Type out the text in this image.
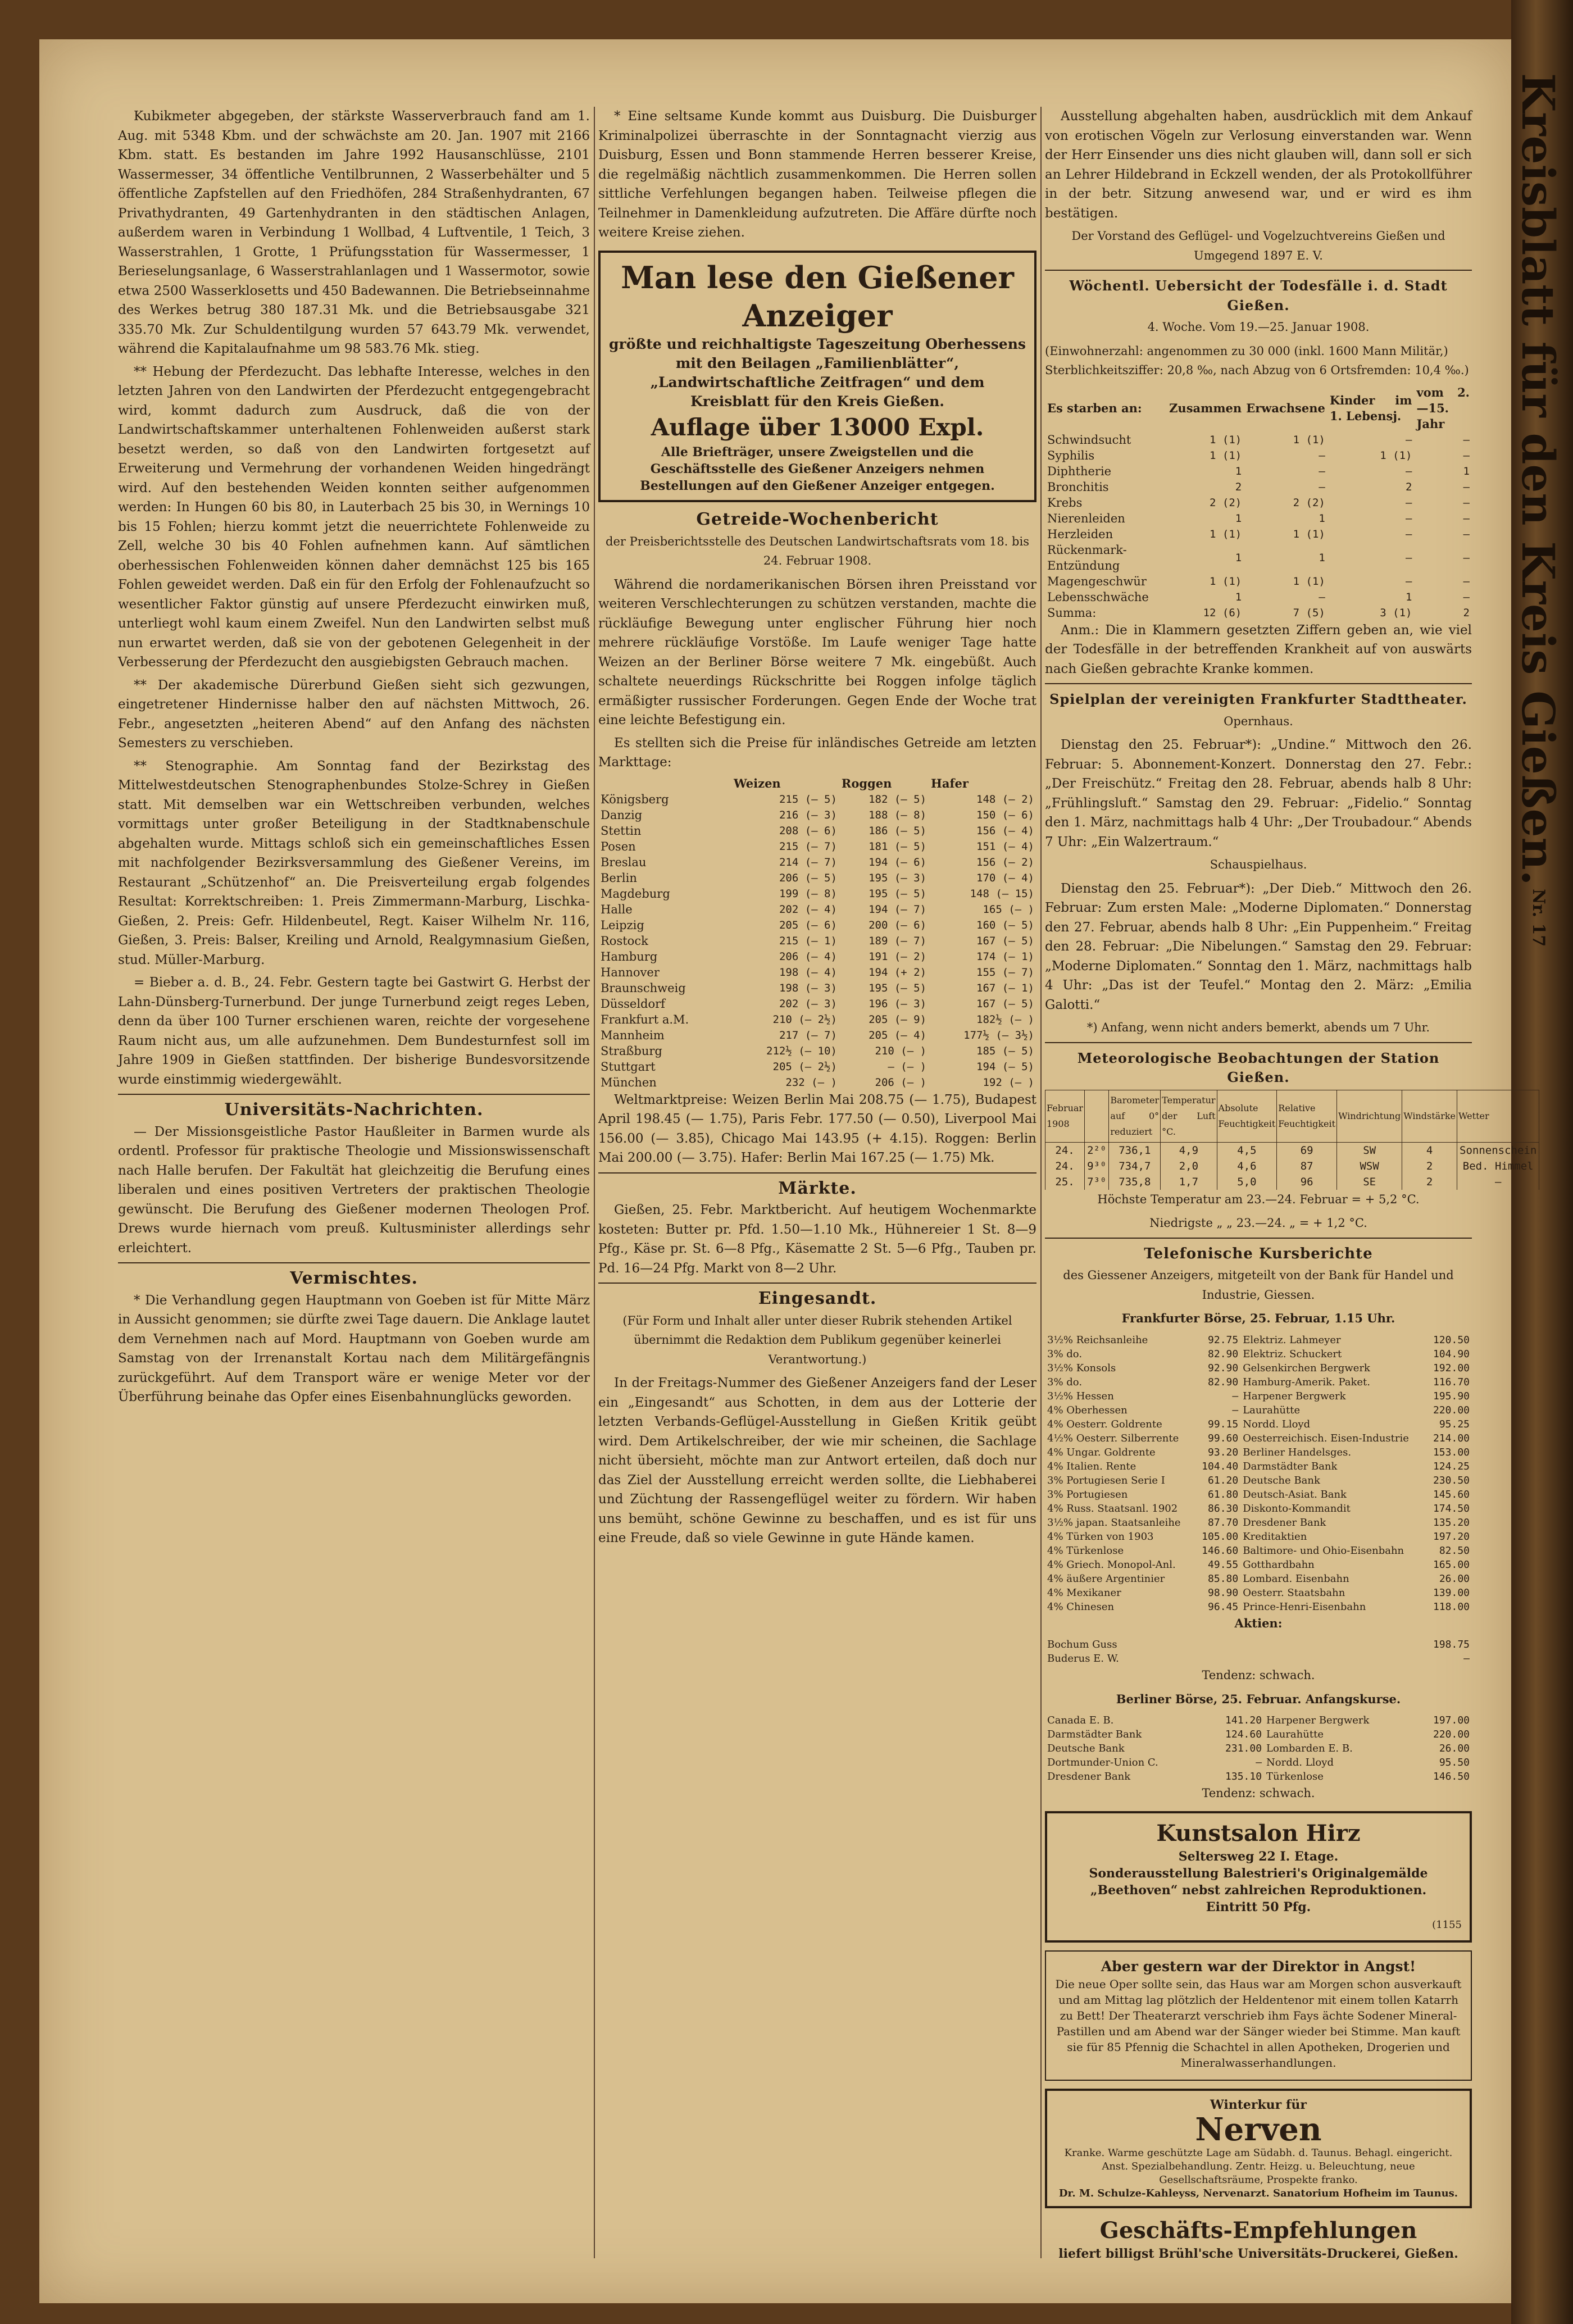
Kreisblatt für den Kreis Gießen. Nr. 17

Kubikmeter abgegeben, der stärkste Wasserverbrauch fand am 1. Aug. mit 5348 Kbm. und der schwächste am 20. Jan. 1907 mit 2166 Kbm. statt. Es bestanden im Jahre 1992 Hausanschlüsse, 2101 Wassermesser, 34 öffentliche Ventilbrunnen, 2 Wasserbehälter und 5 öffentliche Zapfstellen auf den Friedhöfen, 284 Straßenhydranten, 67 Privathydranten, 49 Gartenhydranten in den städtischen Anlagen, außerdem waren in Verbindung 1 Wollbad, 4 Luftventile, 1 Teich, 3 Wasserstrahlen, 1 Grotte, 1 Prüfungsstation für Wassermesser, 1 Berieselungsanlage, 6 Wasserstrahlanlagen und 1 Wassermotor, sowie etwa 2500 Wasserklosetts und 450 Badewannen. Die Betriebseinnahme des Werkes betrug 380 187.31 Mk. und die Betriebsausgabe 321 335.70 Mk. Zur Schuldentilgung wurden 57 643.79 Mk. verwendet, während die Kapitalaufnahme um 98 583.76 Mk. stieg.

** Hebung der Pferdezucht. Das lebhafte Interesse, welches in den letzten Jahren von den Landwirten der Pferdezucht entgegengebracht wird, kommt dadurch zum Ausdruck, daß die von der Landwirtschaftskammer unterhaltenen Fohlenweiden außerst stark besetzt werden, so daß von den Landwirten fortgesetzt auf Erweiterung und Vermehrung der vorhandenen Weiden hingedrängt wird. Auf den bestehenden Weiden konnten seither aufgenommen werden: In Hungen 60 bis 80, in Lauterbach 25 bis 30, in Wernings 10 bis 15 Fohlen; hierzu kommt jetzt die neuerrichtete Fohlenweide zu Zell, welche 30 bis 40 Fohlen aufnehmen kann. Auf sämtlichen oberhessischen Fohlenweiden können daher demnächst 125 bis 165 Fohlen geweidet werden. Daß ein für den Erfolg der Fohlenaufzucht so wesentlicher Faktor günstig auf unsere Pferdezucht einwirken muß, unterliegt wohl kaum einem Zweifel. Nun den Landwirten selbst muß nun erwartet werden, daß sie von der gebotenen Gelegenheit in der Verbesserung der Pferdezucht den ausgiebigsten Gebrauch machen.

** Der akademische Dürerbund Gießen sieht sich gezwungen, eingetretener Hindernisse halber den auf nächsten Mittwoch, 26. Febr., angesetzten „heiteren Abend“ auf den Anfang des nächsten Semesters zu verschieben.

** Stenographie. Am Sonntag fand der Bezirkstag des Mittelwestdeutschen Stenographenbundes Stolze-Schrey in Gießen statt. Mit demselben war ein Wettschreiben verbunden, welches vormittags unter großer Beteiligung in der Stadtknabenschule abgehalten wurde. Mittags schloß sich ein gemeinschaftliches Essen mit nachfolgender Bezirksversammlung des Gießener Vereins, im Restaurant „Schützenhof“ an. Die Preisverteilung ergab folgendes Resultat: Korrektschreiben: 1. Preis Zimmermann-Marburg, Lischka-Gießen, 2. Preis: Gefr. Hildenbeutel, Regt. Kaiser Wilhelm Nr. 116, Gießen, 3. Preis: Balser, Kreiling und Arnold, Realgymnasium Gießen, stud. Müller-Marburg.

= Bieber a. d. B., 24. Febr. Gestern tagte bei Gastwirt G. Herbst der Lahn-Dünsberg-Turnerbund. Der junge Turnerbund zeigt reges Leben, denn da über 100 Turner erschienen waren, reichte der vorgesehene Raum nicht aus, um alle aufzunehmen. Dem Bundesturnfest soll im Jahre 1909 in Gießen stattfinden. Der bisherige Bundesvorsitzende wurde einstimmig wiedergewählt.

Universitäts-Nachrichten.

— Der Missionsgeistliche Pastor Haußleiter in Barmen wurde als ordentl. Professor für praktische Theologie und Missionswissenschaft nach Halle berufen. Der Fakultät hat gleichzeitig die Berufung eines liberalen und eines positiven Vertreters der praktischen Theologie gewünscht. Die Berufung des Gießener modernen Theologen Prof. Drews wurde hiernach vom preuß. Kultusminister allerdings sehr erleichtert.

Vermischtes.

* Die Verhandlung gegen Hauptmann von Goeben ist für Mitte März in Aussicht genommen; sie dürfte zwei Tage dauern. Die Anklage lautet dem Vernehmen nach auf Mord. Hauptmann von Goeben wurde am Samstag von der Irrenanstalt Kortau nach dem Militärgefängnis zurückgeführt. Auf dem Transport wäre er wenige Meter vor der Überführung beinahe das Opfer eines Eisenbahnunglücks geworden.

* Eine seltsame Kunde kommt aus Duisburg. Die Duisburger Kriminalpolizei überraschte in der Sonntagnacht vierzig aus Duisburg, Essen und Bonn stammende Herren besserer Kreise, die regelmäßig nächtlich zusammenkommen. Die Herren sollen sittliche Verfehlungen begangen haben. Teilweise pflegen die Teilnehmer in Damenkleidung aufzutreten. Die Affäre dürfte noch weitere Kreise ziehen.

Man lese den Gießener Anzeiger
größte und reichhaltigste Tageszeitung Oberhessens
mit den Beilagen „Familienblätter“, „Landwirtschaftliche Zeitfragen“ und dem Kreisblatt für den Kreis Gießen.
Auflage über 13000 Expl.
Alle Briefträger, unsere Zweigstellen und die Geschäftsstelle des Gießener Anzeigers nehmen Bestellungen auf den Gießener Anzeiger entgegen.
Getreide-Wochenbericht
der Preisberichtsstelle des Deutschen Landwirtschaftsrats vom 18. bis 24. Februar 1908.

Während die nordamerikanischen Börsen ihren Preisstand vor weiteren Verschlechterungen zu schützen verstanden, machte die rückläufige Bewegung unter englischer Führung hier noch mehrere rückläufige Vorstöße. Im Laufe weniger Tage hatte Weizen an der Berliner Börse weitere 7 Mk. eingebüßt. Auch schaltete neuerdings Rückschritte bei Roggen infolge täglich ermäßigter russischer Forderungen. Gegen Ende der Woche trat eine leichte Befestigung ein.

Es stellten sich die Preise für inländisches Getreide am letzten Markttage:

	Weizen	Roggen	Hafer
Königsberg	215 (— 5)	182 (— 5)	148 (— 2)
Danzig	216 (— 3)	188 (— 8)	150 (— 6)
Stettin	208 (— 6)	186 (— 5)	156 (— 4)
Posen	215 (— 7)	181 (— 5)	151 (— 4)
Breslau	214 (— 7)	194 (— 6)	156 (— 2)
Berlin	206 (— 5)	195 (— 3)	170 (— 4)
Magdeburg	199 (— 8)	195 (— 5)	148 (— 15)
Halle	202 (— 4)	194 (— 7)	165 (— )
Leipzig	205 (— 6)	200 (— 6)	160 (— 5)
Rostock	215 (— 1)	189 (— 7)	167 (— 5)
Hamburg	206 (— 4)	191 (— 2)	174 (— 1)
Hannover	198 (— 4)	194 (+ 2)	155 (— 7)
Braunschweig	198 (— 3)	195 (— 5)	167 (— 1)
Düsseldorf	202 (— 3)	196 (— 3)	167 (— 5)
Frankfurt a.M.	210 (— 2½)	205 (— 9)	182½ (— )
Mannheim	217 (— 7)	205 (— 4)	177½ (— 3½)
Straßburg	212½ (— 10)	210 (— )	185 (— 5)
Stuttgart	205 (— 2½)	— (— )	194 (— 5)
München	232 (— )	206 (— )	192 (— )

Weltmarktpreise: Weizen Berlin Mai 208.75 (— 1.75), Budapest April 198.45 (— 1.75), Paris Febr. 177.50 (— 0.50), Liverpool Mai 156.00 (— 3.85), Chicago Mai 143.95 (+ 4.15). Roggen: Berlin Mai 200.00 (— 3.75). Hafer: Berlin Mai 167.25 (— 1.75) Mk.

Märkte.

Gießen, 25. Febr. Marktbericht. Auf heutigem Wochenmarkte kosteten: Butter pr. Pfd. 1.50—1.10 Mk., Hühnereier 1 St. 8—9 Pfg., Käse pr. St. 6—8 Pfg., Käsematte 2 St. 5—6 Pfg., Tauben pr. Pd. 16—24 Pfg. Markt von 8—2 Uhr.

Eingesandt.
(Für Form und Inhalt aller unter dieser Rubrik stehenden Artikel übernimmt die Redaktion dem Publikum gegenüber keinerlei Verantwortung.)

In der Freitags-Nummer des Gießener Anzeigers fand der Leser ein „Eingesandt“ aus Schotten, in dem aus der Lotterie der letzten Verbands-Geflügel-Ausstellung in Gießen Kritik geübt wird. Dem Artikelschreiber, der wie mir scheinen, die Sachlage nicht übersieht, möchte man zur Antwort erteilen, daß doch nur das Ziel der Ausstellung erreicht werden sollte, die Liebhaberei und Züchtung der Rassengeflügel weiter zu fördern. Wir haben uns bemüht, schöne Gewinne zu beschaffen, und es ist für uns eine Freude, daß so viele Gewinne in gute Hände kamen.

Ausstellung abgehalten haben, ausdrücklich mit dem Ankauf von erotischen Vögeln zur Verlosung einverstanden war. Wenn der Herr Einsender uns dies nicht glauben will, dann soll er sich an Lehrer Hildebrand in Eckzell wenden, der als Protokollführer in der betr. Sitzung anwesend war, und er wird es ihm bestätigen.

Der Vorstand des Geflügel- und Vogelzuchtvereins Gießen und Umgegend 1897 E. V.
Wöchentl. Uebersicht der Todesfälle i. d. Stadt Gießen.
4. Woche. Vom 19.—25. Januar 1908.
(Einwohnerzahl: angenommen zu 30 000 (inkl. 1600 Mann Militär,) Sterblichkeitsziffer: 20,8 ‰, nach Abzug von 6 Ortsfremden: 10,4 ‰.)
Es starben an:	Zusammen	Erwachsene	Kinder im 1. Lebensj.	vom 2.—15. Jahr
Schwindsucht	1 (1)	1 (1)	—	—
Syphilis	1 (1)	—	1 (1)	—
Diphtherie	1	—	—	1
Bronchitis	2	—	2	—
Krebs	2 (2)	2 (2)	—	—
Nierenleiden	1	1	—	—
Herzleiden	1 (1)	1 (1)	—	—
Rückenmark-Entzündung	1	1	—	—
Magengeschwür	1 (1)	1 (1)	—	—
Lebensschwäche	1	—	1	—
Summa:	12 (6)	7 (5)	3 (1)	2

Anm.: Die in Klammern gesetzten Ziffern geben an, wie viel der Todesfälle in der betreffenden Krankheit auf von auswärts nach Gießen gebrachte Kranke kommen.

Spielplan der vereinigten Frankfurter Stadttheater.
Opernhaus.

Dienstag den 25. Februar*): „Undine.“ Mittwoch den 26. Februar: 5. Abonnement-Konzert. Donnerstag den 27. Febr.: „Der Freischütz.“ Freitag den 28. Februar, abends halb 8 Uhr: „Frühlingsluft.“ Samstag den 29. Februar: „Fidelio.“ Sonntag den 1. März, nachmittags halb 4 Uhr: „Der Troubadour.“ Abends 7 Uhr: „Ein Walzertraum.“

Schauspielhaus.

Dienstag den 25. Februar*): „Der Dieb.“ Mittwoch den 26. Februar: Zum ersten Male: „Moderne Diplomaten.“ Donnerstag den 27. Februar, abends halb 8 Uhr: „Ein Puppenheim.“ Freitag den 28. Februar: „Die Nibelungen.“ Samstag den 29. Februar: „Moderne Diplomaten.“ Sonntag den 1. März, nachmittags halb 4 Uhr: „Das ist der Teufel.“ Montag den 2. März: „Emilia Galotti.“

*) Anfang, wenn nicht anders bemerkt, abends um 7 Uhr.
Meteorologische Beobachtungen der Station Gießen.
Februar 1908		Barometer auf 0° reduziert	Temperatur der Luft °C.	Absolute Feuchtigkeit	Relative Feuchtigkeit	Windrichtung	Windstärke	Wetter
24.	2²⁰	736,1	4,9	4,5	69	SW	4	Sonnenschein
24.	9³⁰	734,7	2,0	4,6	87	WSW	2	Bed. Himmel
25.	7³⁰	735,8	1,7	5,0	96	SE	2	—
Höchste Temperatur am 23.—24. Februar = + 5,2 °C.
Niedrigste „ „ 23.—24. „ = + 1,2 °C.
Telefonische Kursberichte
des Giessener Anzeigers, mitgeteilt von der Bank für Handel und Industrie, Giessen.
Frankfurter Börse, 25. Februar, 1.15 Uhr.
3½% Reichsanleihe	92.75	Elektriz. Lahmeyer	120.50
3% do.	82.90	Elektriz. Schuckert	104.90
3½% Konsols	92.90	Gelsenkirchen Bergwerk	192.00
3% do.	82.90	Hamburg-Amerik. Paket.	116.70
3½% Hessen	—	Harpener Bergwerk	195.90
4% Oberhessen	—	Laurahütte	220.00
4% Oesterr. Goldrente	99.15	Nordd. Lloyd	95.25
4½% Oesterr. Silberrente	99.60	Oesterreichisch. Eisen-Industrie	214.00
4% Ungar. Goldrente	93.20	Berliner Handelsges.	153.00
4% Italien. Rente	104.40	Darmstädter Bank	124.25
3% Portugiesen Serie I	61.20	Deutsche Bank	230.50
3% Portugiesen	61.80	Deutsch-Asiat. Bank	145.60
4% Russ. Staatsanl. 1902	86.30	Diskonto-Kommandit	174.50
3½% japan. Staatsanleihe	87.70	Dresdener Bank	135.20
4% Türken von 1903	105.00	Kreditaktien	197.20
4% Türkenlose	146.60	Baltimore- und Ohio-Eisenbahn	82.50
4% Griech. Monopol-Anl.	49.55	Gotthardbahn	165.00
4% äußere Argentinier	85.80	Lombard. Eisenbahn	26.00
4% Mexikaner	98.90	Oesterr. Staatsbahn	139.00
4% Chinesen	96.45	Prince-Henri-Eisenbahn	118.00
Aktien:
Bochum Guss	198.75
Buderus E. W.	—
Tendenz: schwach.
Berliner Börse, 25. Februar. Anfangskurse.
Canada E. B.	141.20	Harpener Bergwerk	197.00
Darmstädter Bank	124.60	Laurahütte	220.00
Deutsche Bank	231.00	Lombarden E. B.	26.00
Dortmunder-Union C.	—	Nordd. Lloyd	95.50
Dresdener Bank	135.10	Türkenlose	146.50
Tendenz: schwach.
Kunstsalon Hirz
Seltersweg 22 I. Etage.
Sonderausstellung Balestrieri's Originalgemälde
„Beethoven“ nebst zahlreichen Reproduktionen.
Eintritt 50 Pfg.
(1155
Aber gestern war der Direktor in Angst!

Die neue Oper sollte sein, das Haus war am Morgen schon ausverkauft und am Mittag lag plötzlich der Heldentenor mit einem tollen Katarrh zu Bett! Der Theaterarzt verschrieb ihm Fays ächte Sodener Mineral-Pastillen und am Abend war der Sänger wieder bei Stimme. Man kauft sie für 85 Pfennig die Schachtel in allen Apotheken, Drogerien und Mineralwasserhandlungen.

Winterkur für
Nerven
Kranke. Warme geschützte Lage am Südabh. d. Taunus. Behagl. eingericht. Anst. Spezialbehandlung. Zentr. Heizg. u. Beleuchtung, neue Gesellschaftsräume, Prospekte franko.
Dr. M. Schulze-Kahleyss, Nervenarzt. Sanatorium Hofheim im Taunus.
Geschäfts-Empfehlungen
liefert billigst Brühl'sche Universitäts-Druckerei, Gießen.
